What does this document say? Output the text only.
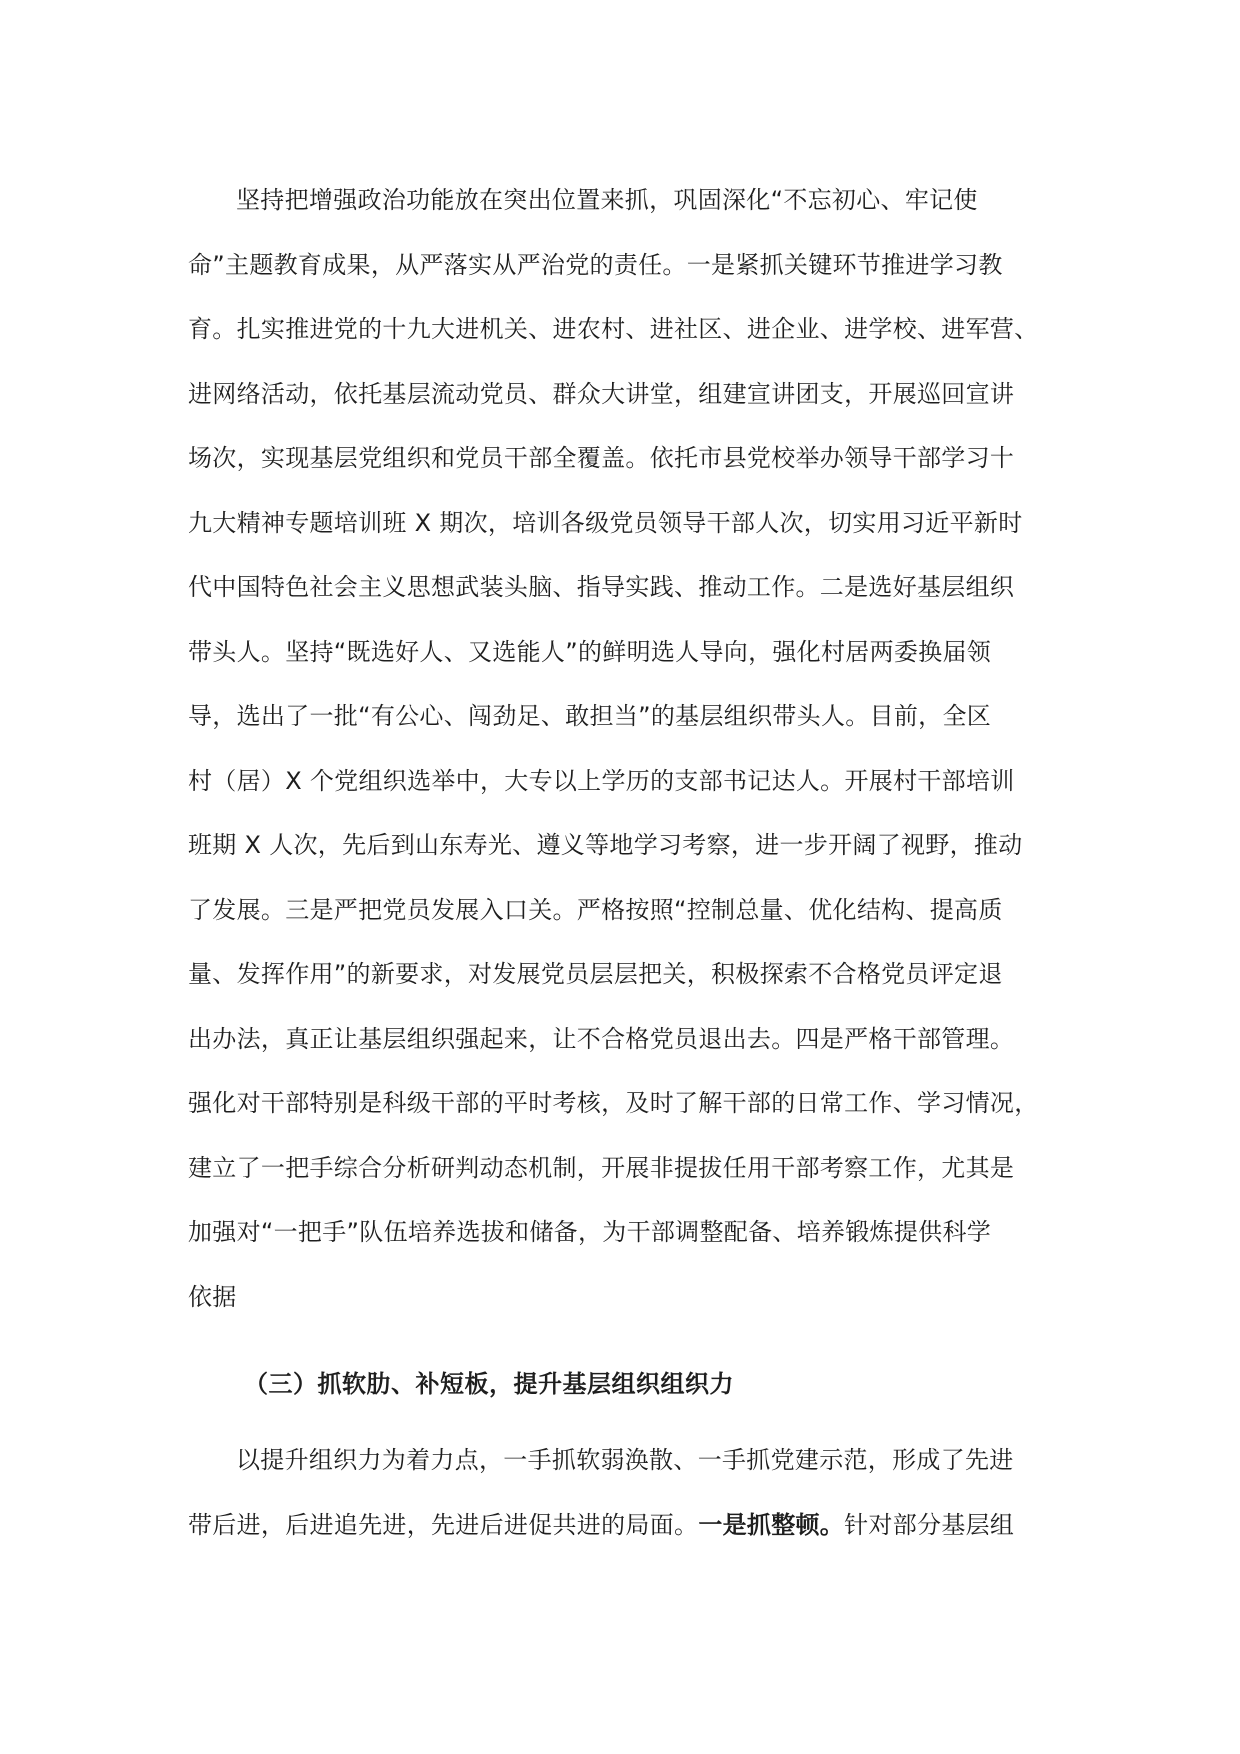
坚持把增强政治功能放在突出位置来抓，巩固深化“不忘初心、牢记使
命”主题教育成果，从严落实从严治党的责任。一是紧抓关键环节推进学习教
育。扎实推进党的十九大进机关、进农村、进社区、进企业、进学校、进军营、
进网络活动，依托基层流动党员、群众大讲堂，组建宣讲团支，开展巡回宣讲
场次，实现基层党组织和党员干部全覆盖。依托市县党校举办领导干部学习十
九大精神专题培训班 X 期次，培训各级党员领导干部人次，切实用习近平新时
代中国特色社会主义思想武装头脑、指导实践、推动工作。二是选好基层组织
带头人。坚持“既选好人、又选能人”的鲜明选人导向，强化村居两委换届领
导，选出了一批“有公心、闯劲足、敢担当”的基层组织带头人。目前，全区
村（居）X 个党组织选举中，大专以上学历的支部书记达人。开展村干部培训
班期 X 人次，先后到山东寿光、遵义等地学习考察，进一步开阔了视野，推动
了发展。三是严把党员发展入口关。严格按照“控制总量、优化结构、提高质
量、发挥作用”的新要求，对发展党员层层把关，积极探索不合格党员评定退
出办法，真正让基层组织强起来，让不合格党员退出去。四是严格干部管理。
强化对干部特别是科级干部的平时考核，及时了解干部的日常工作、学习情况，
建立了一把手综合分析研判动态机制，开展非提拔任用干部考察工作，尤其是
加强对“一把手”队伍培养选拔和储备，为干部调整配备、培养锻炼提供科学
依据
（三）抓软肋、补短板，提升基层组织组织力
以提升组织力为着力点，一手抓软弱涣散、一手抓党建示范，形成了先进
带后进，后进追先进，先进后进促共进的局面。一是抓整顿。针对部分基层组
